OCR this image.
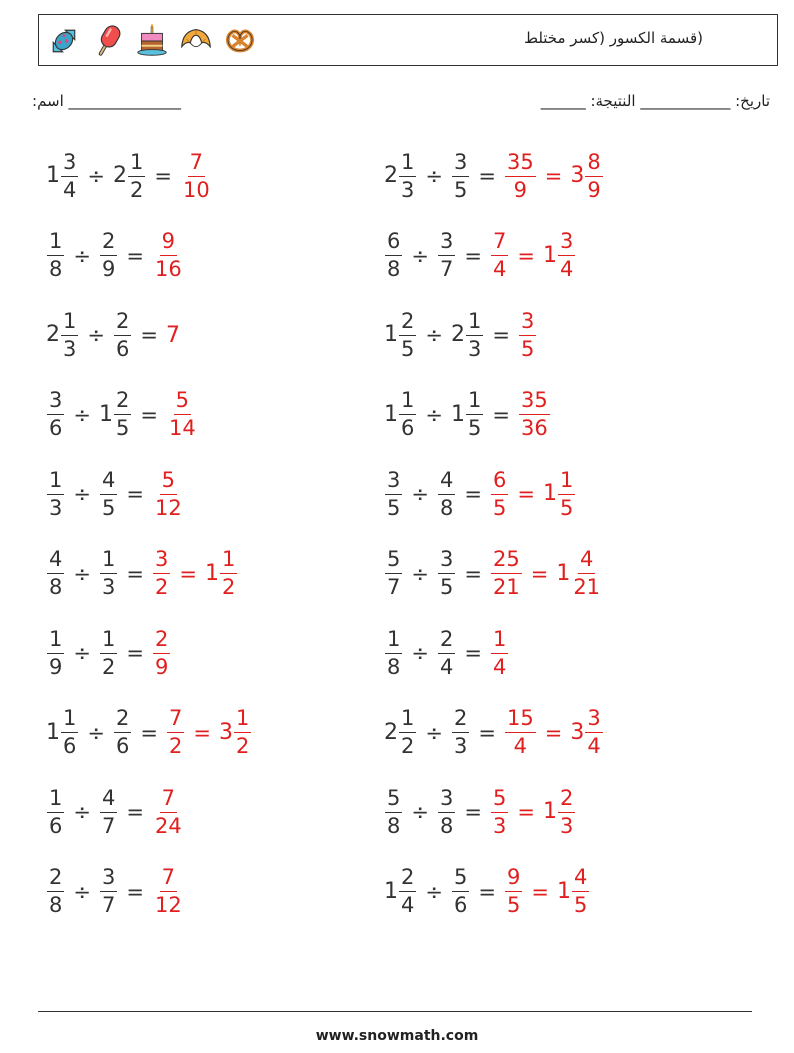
(قسمة الكسور (كسر مختلط
:اسم _______________	______ :تاريخ: ____________ النتيجة
$1 \frac{3}{4} \div 2 \frac{1}{2} = \frac{7}{10}$	$2 \frac{1}{3} \div \frac{3}{5} = \frac{35}{9} = 3 \frac{8}{9}$
$\frac{1}{8} \div \frac{2}{9} = \frac{9}{16}$	$\frac{6}{8} \div \frac{3}{7} = \frac{7}{4} = 1 \frac{3}{4}$
$2 \frac{1}{3} \div \frac{2}{6} = 7$	$1 \frac{2}{5} \div 2 \frac{1}{3} = \frac{3}{5}$
$\frac{3}{6} \div 1 \frac{2}{5} = \frac{5}{14}$	$1 \frac{1}{6} \div 1 \frac{1}{5} = \frac{35}{36}$
$\frac{1}{3} \div \frac{4}{5} = \frac{5}{12}$	$\frac{3}{5} \div \frac{4}{8} = \frac{6}{5} = 1 \frac{1}{5}$
$\frac{4}{8} \div \frac{1}{3} = \frac{3}{2} = 1 \frac{1}{2}$	$\frac{5}{7} \div \frac{3}{5} = \frac{25}{21} = 1 \frac{4}{21}$
$\frac{1}{9} \div \frac{1}{2} = \frac{2}{9}$	$\frac{1}{8} \div \frac{2}{4} = \frac{1}{4}$
$1 \frac{1}{6} \div \frac{2}{6} = \frac{7}{2} = 3 \frac{1}{2}$	$2 \frac{1}{2} \div \frac{2}{3} = \frac{15}{4} = 3 \frac{3}{4}$
$\frac{1}{6} \div \frac{4}{7} = \frac{7}{24}$	$\frac{5}{8} \div \frac{3}{8} = \frac{5}{3} = 1 \frac{2}{3}$
$\frac{2}{8} \div \frac{3}{7} = \frac{7}{12}$	$1 \frac{2}{4} \div \frac{5}{6} = \frac{9}{5} = 1 \frac{4}{5}$
www.snowmath.com
